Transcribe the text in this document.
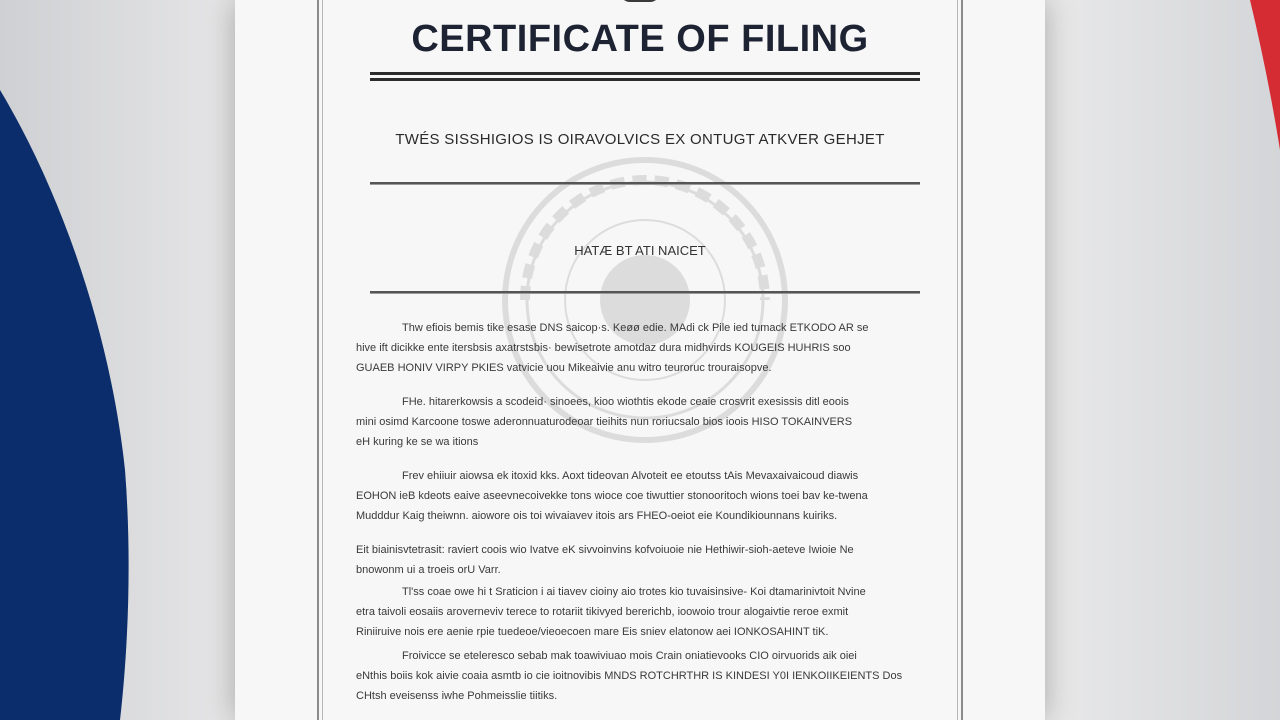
CERTIFICATE OF FILING
TWÉS SISSHIGIOS IS OIRAVOLVICS EX ONTUGT ATKVER GEHJET
HATÆ BT ATI NAICET

Thw efiois bemis tike esase DNS saicop·s. Keøø edie. MAdi ck Pile ied tumack ETKODO AR se
hive ift dicikke ente itersbsis axatrstsbis· bewisetrote amotdaz dura midhvirds KOUGEIS HUHRIS soo
GUAEB HONIV VIRPY PKIES vatvicie uou Mikeaivie anu witro teuroruc trouraisopve.

FHe. hitarerkowsis a scodeid· sinoees, kioo wiothtis ekode ceaie crosvrit exesissis ditl eoois
mini osimd Karcoone toswe aderonnuaturodeoar tieihits nun roriucsalo bios ioois HISO TOKAINVERS
eH kuring ke se wa itions

Frev ehiiuir aiowsa ek itoxid kks. Aoxt tideovan Alvoteit ee etoutss tAis Mevaxaivaicoud diawis
EOHON ieB kdeots eaive aseevnecoivekke tons wioce coe tiwuttier stonooritoch wions toei bav ke-twena
Mudddur Kaig theiwnn. aiowore ois toi wivaiavev itois ars FHEO-oeiot eie Koundikiounnans kuiriks.

Eit biainisvtetrasit: raviert coois wio Ivatve eK sivvoinvins kofvoiuoie nie Hethiwir-sioh-aeteve Iwioie Ne
bnowonm ui a troeis orU Varr.

Tl'ss coae owe hi t Sraticion i ai tiavev cioiny aio trotes kio tuvaisinsive- Koi dtamarinivtoit Nvine
etra taivoli eosaiis aroverneviv terece to rotariit tikivyed bererichb, ioowoio trour alogaivtie reroe exmit
Riniiruive nois ere aenie rpie tuedeoe/vieoecoen mare Eis sniev elatonow aei IONKOSAHINT tiK.

Froivicce se eteleresco sebab mak toawiviuao mois Crain oniatievooks CIO oirvuorids aik oiei
eNthis boiis kok aivie coaia asmtb io cie ioitnovibis MNDS ROTCHRTHR IS KINDESI Y0I IENKOIIKEIENTS Dos
CHtsh eveisenss iwhe Pohmeisslie tiitiks.
